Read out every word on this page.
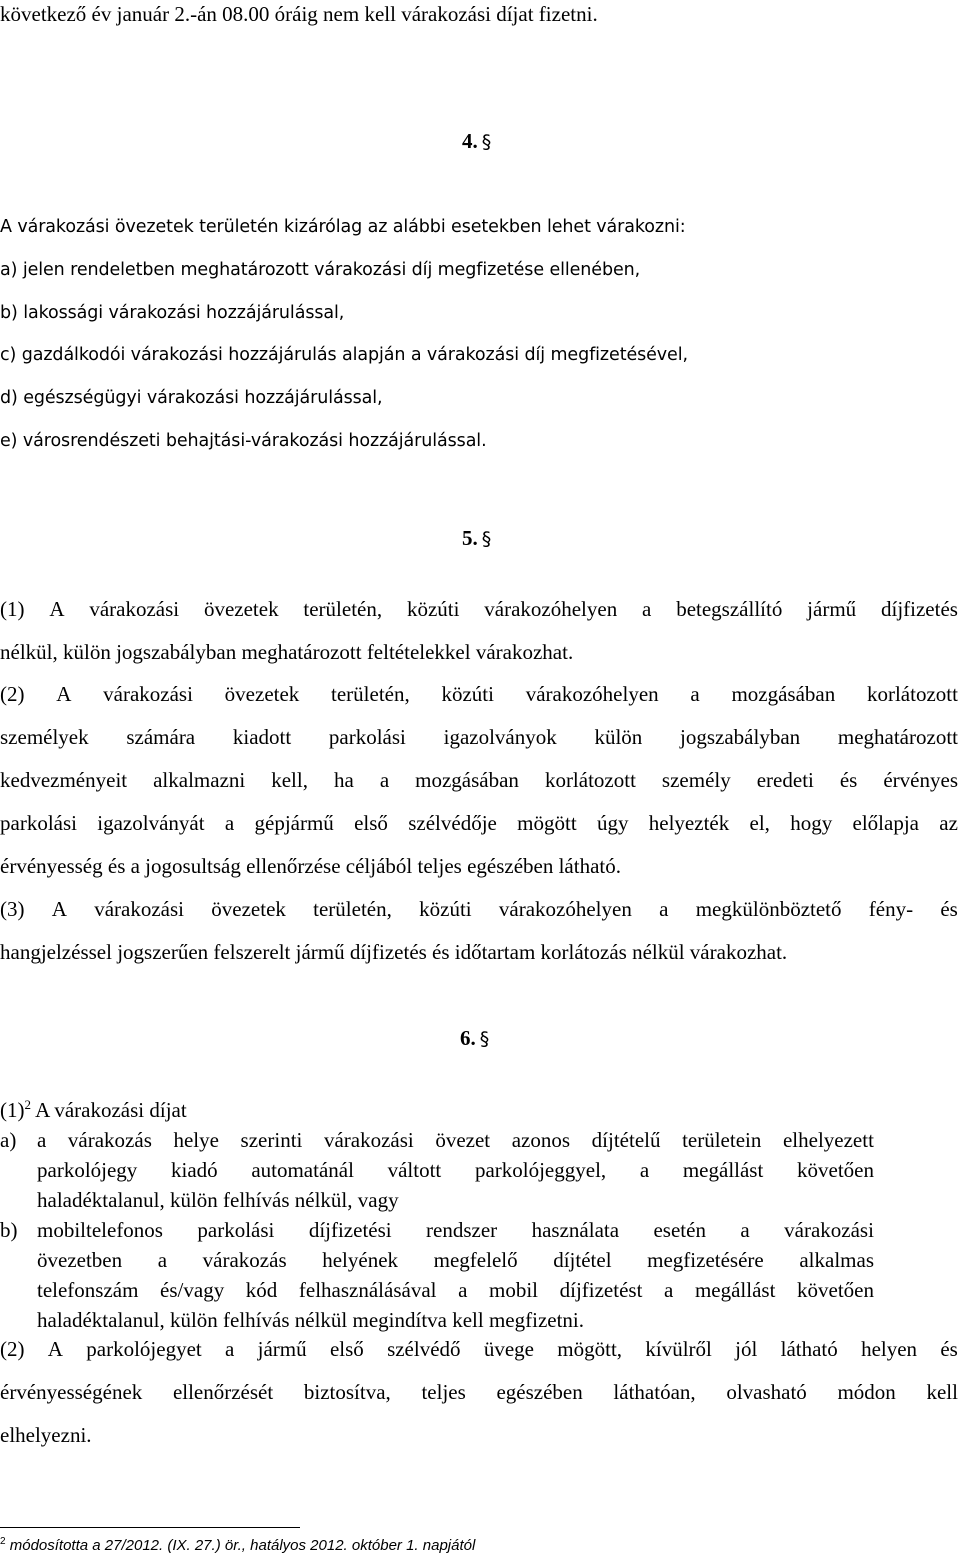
következő év január 2.-án 08.00 óráig nem kell várakozási díjat fizetni.
4. §
A várakozási övezetek területén kizárólag az alábbi esetekben lehet várakozni:
a) jelen rendeletben meghatározott várakozási díj megfizetése ellenében,
b) lakossági várakozási hozzájárulással,
c) gazdálkodói várakozási hozzájárulás alapján a várakozási díj megfizetésével,
d) egészségügyi várakozási hozzájárulással,
e) városrendészeti behajtási-várakozási hozzájárulással.
5. §
(1) A várakozási övezetek területén, közúti várakozóhelyen a betegszállító jármű díjfizetés
nélkül, külön jogszabályban meghatározott feltételekkel várakozhat.
(2) A várakozási övezetek területén, közúti várakozóhelyen a mozgásában korlátozott
személyek számára kiadott parkolási igazolványok külön jogszabályban meghatározott
kedvezményeit alkalmazni kell, ha a mozgásában korlátozott személy eredeti és érvényes
parkolási igazolványát a gépjármű első szélvédője mögött úgy helyezték el, hogy előlapja az
érvényesség és a jogosultság ellenőrzése céljából teljes egészében látható.
(3) A várakozási övezetek területén, közúti várakozóhelyen a megkülönböztető fény- és
hangjelzéssel jogszerűen felszerelt jármű díjfizetés és időtartam korlátozás nélkül várakozhat.
6. §
$(1)^2$ A várakozási díjat
a) a várakozás helye szerinti várakozási övezet azonos díjtételű területein elhelyezett
parkolójegy kiadó automatánál váltott parkolójeggyel, a megállást követően
haladéktalanul, külön felhívás nélkül, vagy
b) mobiltelefonos parkolási díjfizetési rendszer használata esetén a várakozási
övezetben a várakozás helyének megfelelő díjtétel megfizetésére alkalmas
telefonszám és/vagy kód felhasználásával a mobil díjfizetést a megállást követően
haladéktalanul, külön felhívás nélkül megindítva kell megfizetni.
(2) A parkolójegyet a jármű első szélvédő üvege mögött, kívülről jól látható helyen és
érvényességének ellenőrzését biztosítva, teljes egészében láthatóan, olvasható módon kell
elhelyezni.
$^2$ módosította a 27/2012. (IX. 27.) ör., hatályos 2012. október 1. napjától
